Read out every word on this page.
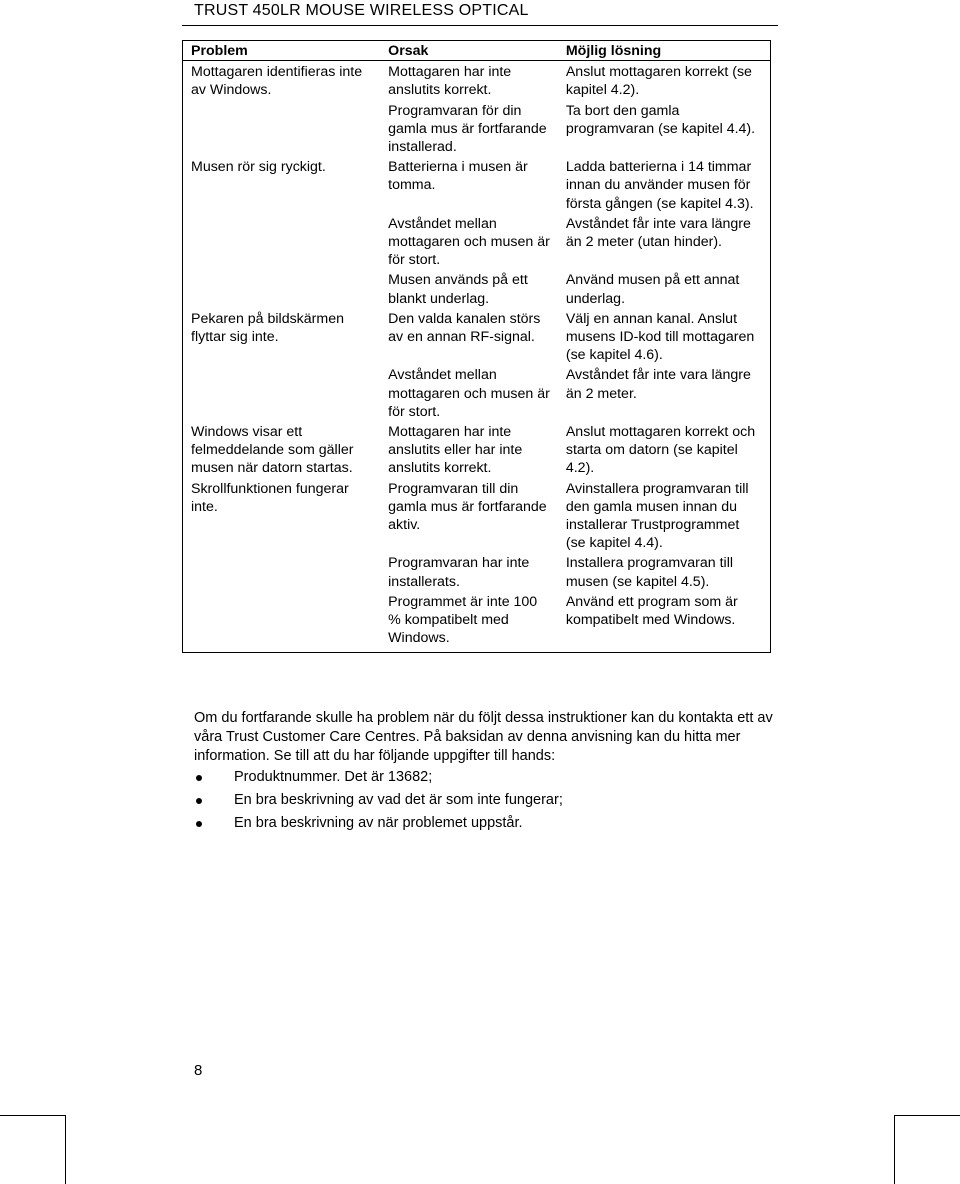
TRUST 450LR MOUSE WIRELESS OPTICAL
Problem	Orsak	Möjlig lösning
Mottagaren identifieras inte av Windows.	Mottagaren har inte anslutits korrekt.	Anslut mottagaren korrekt (se kapitel 4.2).
	Programvaran för din gamla mus är fortfarande installerad.	Ta bort den gamla programvaran (se kapitel 4.4).
Musen rör sig ryckigt.	Batterierna i musen är tomma.	Ladda batterierna i 14 timmar innan du använder musen för första gången (se kapitel 4.3).
	Avståndet mellan mottagaren och musen är för stort.	Avståndet får inte vara längre än 2 meter (utan hinder).
	Musen används på ett blankt underlag.	Använd musen på ett annat underlag.
Pekaren på bildskärmen flyttar sig inte.	Den valda kanalen störs av en annan RF-signal.	Välj en annan kanal. Anslut musens ID-kod till mottagaren (se kapitel 4.6).
	Avståndet mellan mottagaren och musen är för stort.	Avståndet får inte vara längre än 2 meter.
Windows visar ett felmeddelande som gäller musen när datorn startas.	Mottagaren har inte anslutits eller har inte anslutits korrekt.	Anslut mottagaren korrekt och starta om datorn (se kapitel 4.2).
Skrollfunktionen fungerar inte.	Programvaran till din gamla mus är fortfarande aktiv.	Avinstallera programvaran till den gamla musen innan du installerar Trustprogrammet (se kapitel 4.4).
	Programvaran har inte installerats.	Installera programvaran till musen (se kapitel 4.5).
	Programmet är inte 100 % kompatibelt med Windows.	Använd ett program som är kompatibelt med Windows.

Om du fortfarande skulle ha problem när du följt dessa instruktioner kan du kontakta ett av våra Trust Customer Care Centres. På baksidan av denna anvisning kan du hitta mer information. Se till att du har följande uppgifter till hands:

Produktnummer. Det är 13682;
En bra beskrivning av vad det är som inte fungerar;
En bra beskrivning av när problemet uppstår.
8
